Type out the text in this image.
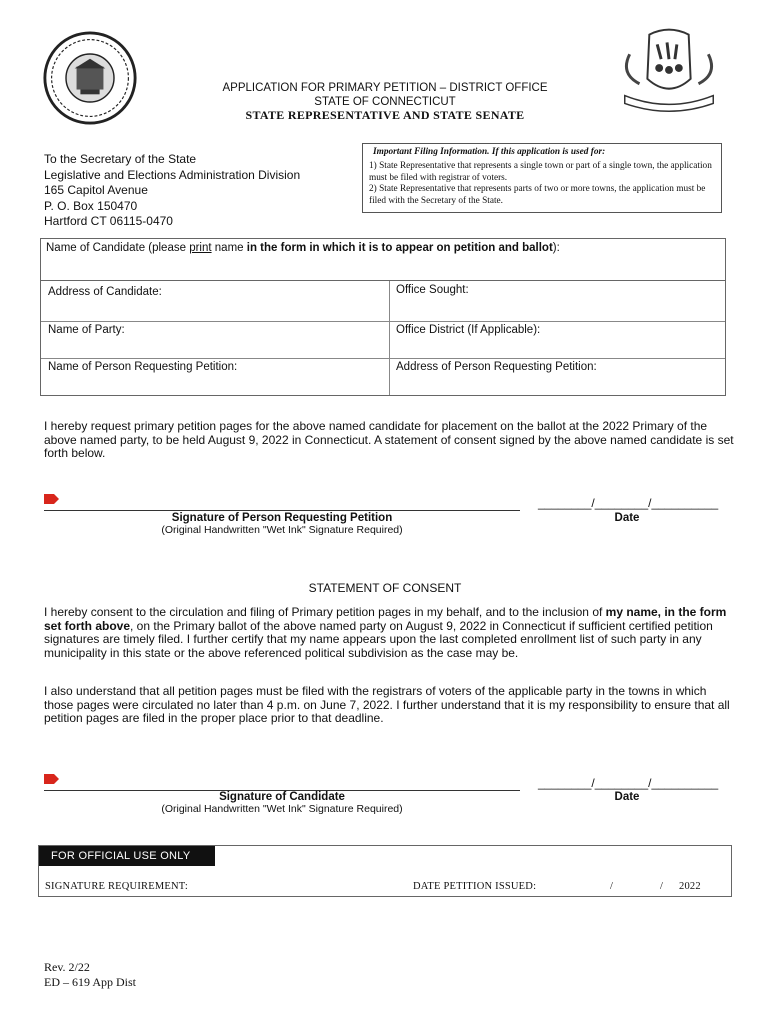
APPLICATION FOR PRIMARY PETITION – DISTRICT OFFICE
STATE OF CONNECTICUT
STATE REPRESENTATIVE AND STATE SENATE
To the Secretary of the State
Legislative and Elections Administration Division
165 Capitol Avenue
P. O. Box 150470
Hartford CT 06115-0470
Important Filing Information. If this application is used for:
1) State Representative that represents a single town or part of a single town, the application must be filed with registrar of voters.
2) State Representative that represents parts of two or more towns, the application must be filed with the Secretary of the State.
Name of Candidate (please print name in the form in which it is to appear on petition and ballot):
Address of Candidate:	Office Sought:
Name of Party:	Office District (If Applicable):
Name of Person Requesting Petition:	Address of Person Requesting Petition:
I hereby request primary petition pages for the above named candidate for placement on the ballot at the 2022 Primary of the above named party, to be held August 9, 2022 in Connecticut. A statement of consent signed by the above named candidate is set forth below.
________/________/__________
Signature of Person Requesting Petition	Date
(Original Handwritten "Wet Ink" Signature Required)
STATEMENT OF CONSENT
I hereby consent to the circulation and filing of Primary petition pages in my behalf, and to the inclusion of my name, in the form set forth above, on the Primary ballot of the above named party on August 9, 2022 in Connecticut if sufficient certified petition signatures are timely filed. I further certify that my name appears upon the last completed enrollment list of such party in any municipality in this state or the above referenced political subdivision as the case may be.
I also understand that all petition pages must be filed with the registrars of voters of the applicable party in the towns in which those pages were circulated no later than 4 p.m. on June 7, 2022. I further understand that it is my responsibility to ensure that all petition pages are filed in the proper place prior to that deadline.
________/________/__________
Signature of Candidate	Date
(Original Handwritten "Wet Ink" Signature Required)
FOR OFFICIAL USE ONLY
SIGNATURE REQUIREMENT:	DATE PETITION ISSUED:	/	/ 2022
Rev. 2/22
ED – 619 App Dist
